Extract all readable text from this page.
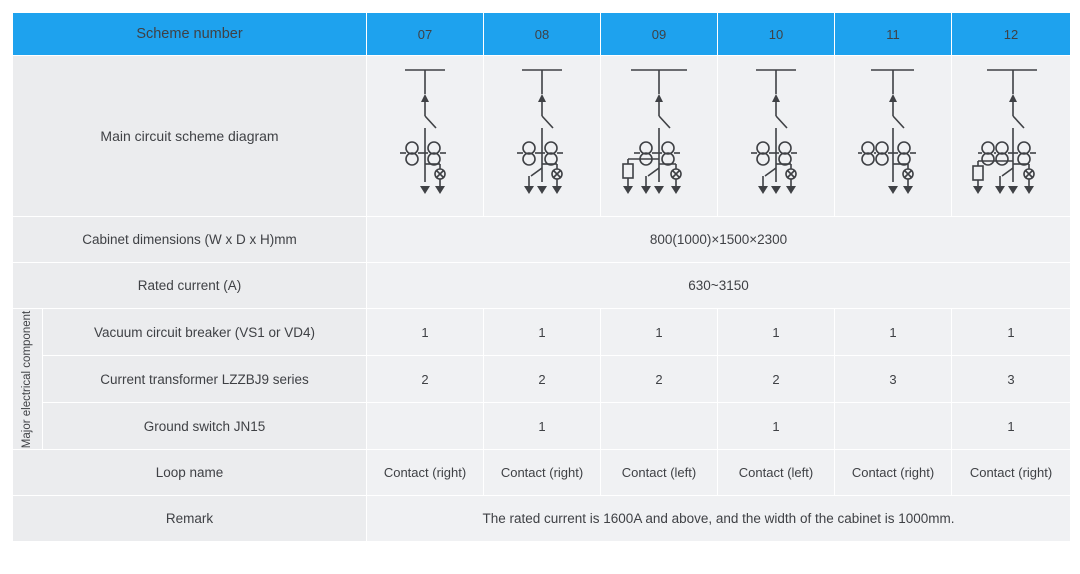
Scheme number		07	08	09	10	11	12
Main circuit scheme diagram	

Cabinet dimensions (W x D x H)mm		800(1000)×1500×2300					
Rated current (A)		630~3150					

Major electrical component	Vacuum circuit breaker (VS1 or VD4)	1	1	1	1	1	1
	Current transformer LZZBJ9 series	2	2	2	2	3	3
	Ground switch JN15		1		1		1
Loop name		Contact (right)	Contact (right)	Contact (left)	Contact (left)	Contact (right)	Contact (right)
Remark		The rated current is 1600A and above, and the width of the cabinet is 1000mm.					
